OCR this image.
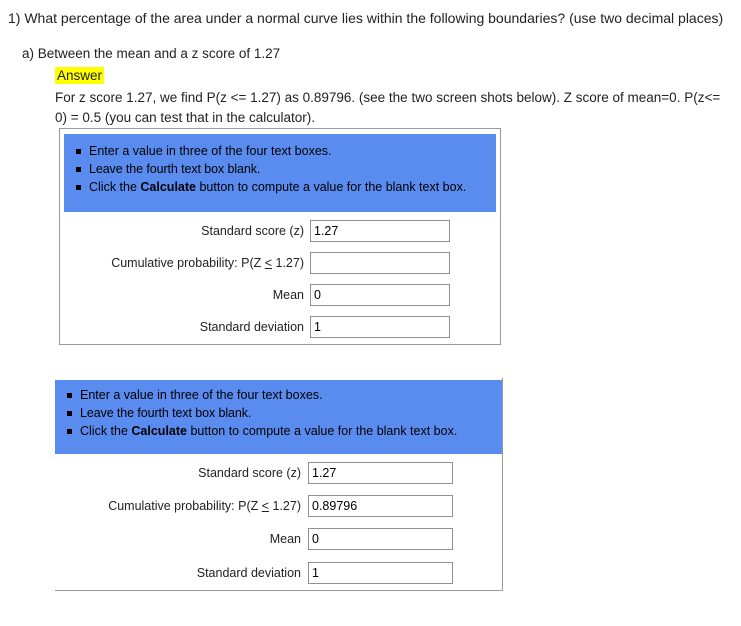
1) What percentage of the area under a normal curve lies within the following boundaries? (use two decimal places)
a) Between the mean and a z score of 1.27
Answer
For z score 1.27, we find P(z <= 1.27) as 0.89796. (see the two screen shots below). Z score of mean=0. P(z<= 0) = 0.5 (you can test that in the calculator).
Enter a value in three of the four text boxes.
Leave the fourth text box blank.
Click the Calculate button to compute a value for the blank text box.
Standard score (z)
1.27
Cumulative probability: P(Z < 1.27)
Mean
0
Standard deviation
1
Enter a value in three of the four text boxes.
Leave the fourth text box blank.
Click the Calculate button to compute a value for the blank text box.
Standard score (z)
1.27
Cumulative probability: P(Z < 1.27)
0.89796
Mean
0
Standard deviation
1
